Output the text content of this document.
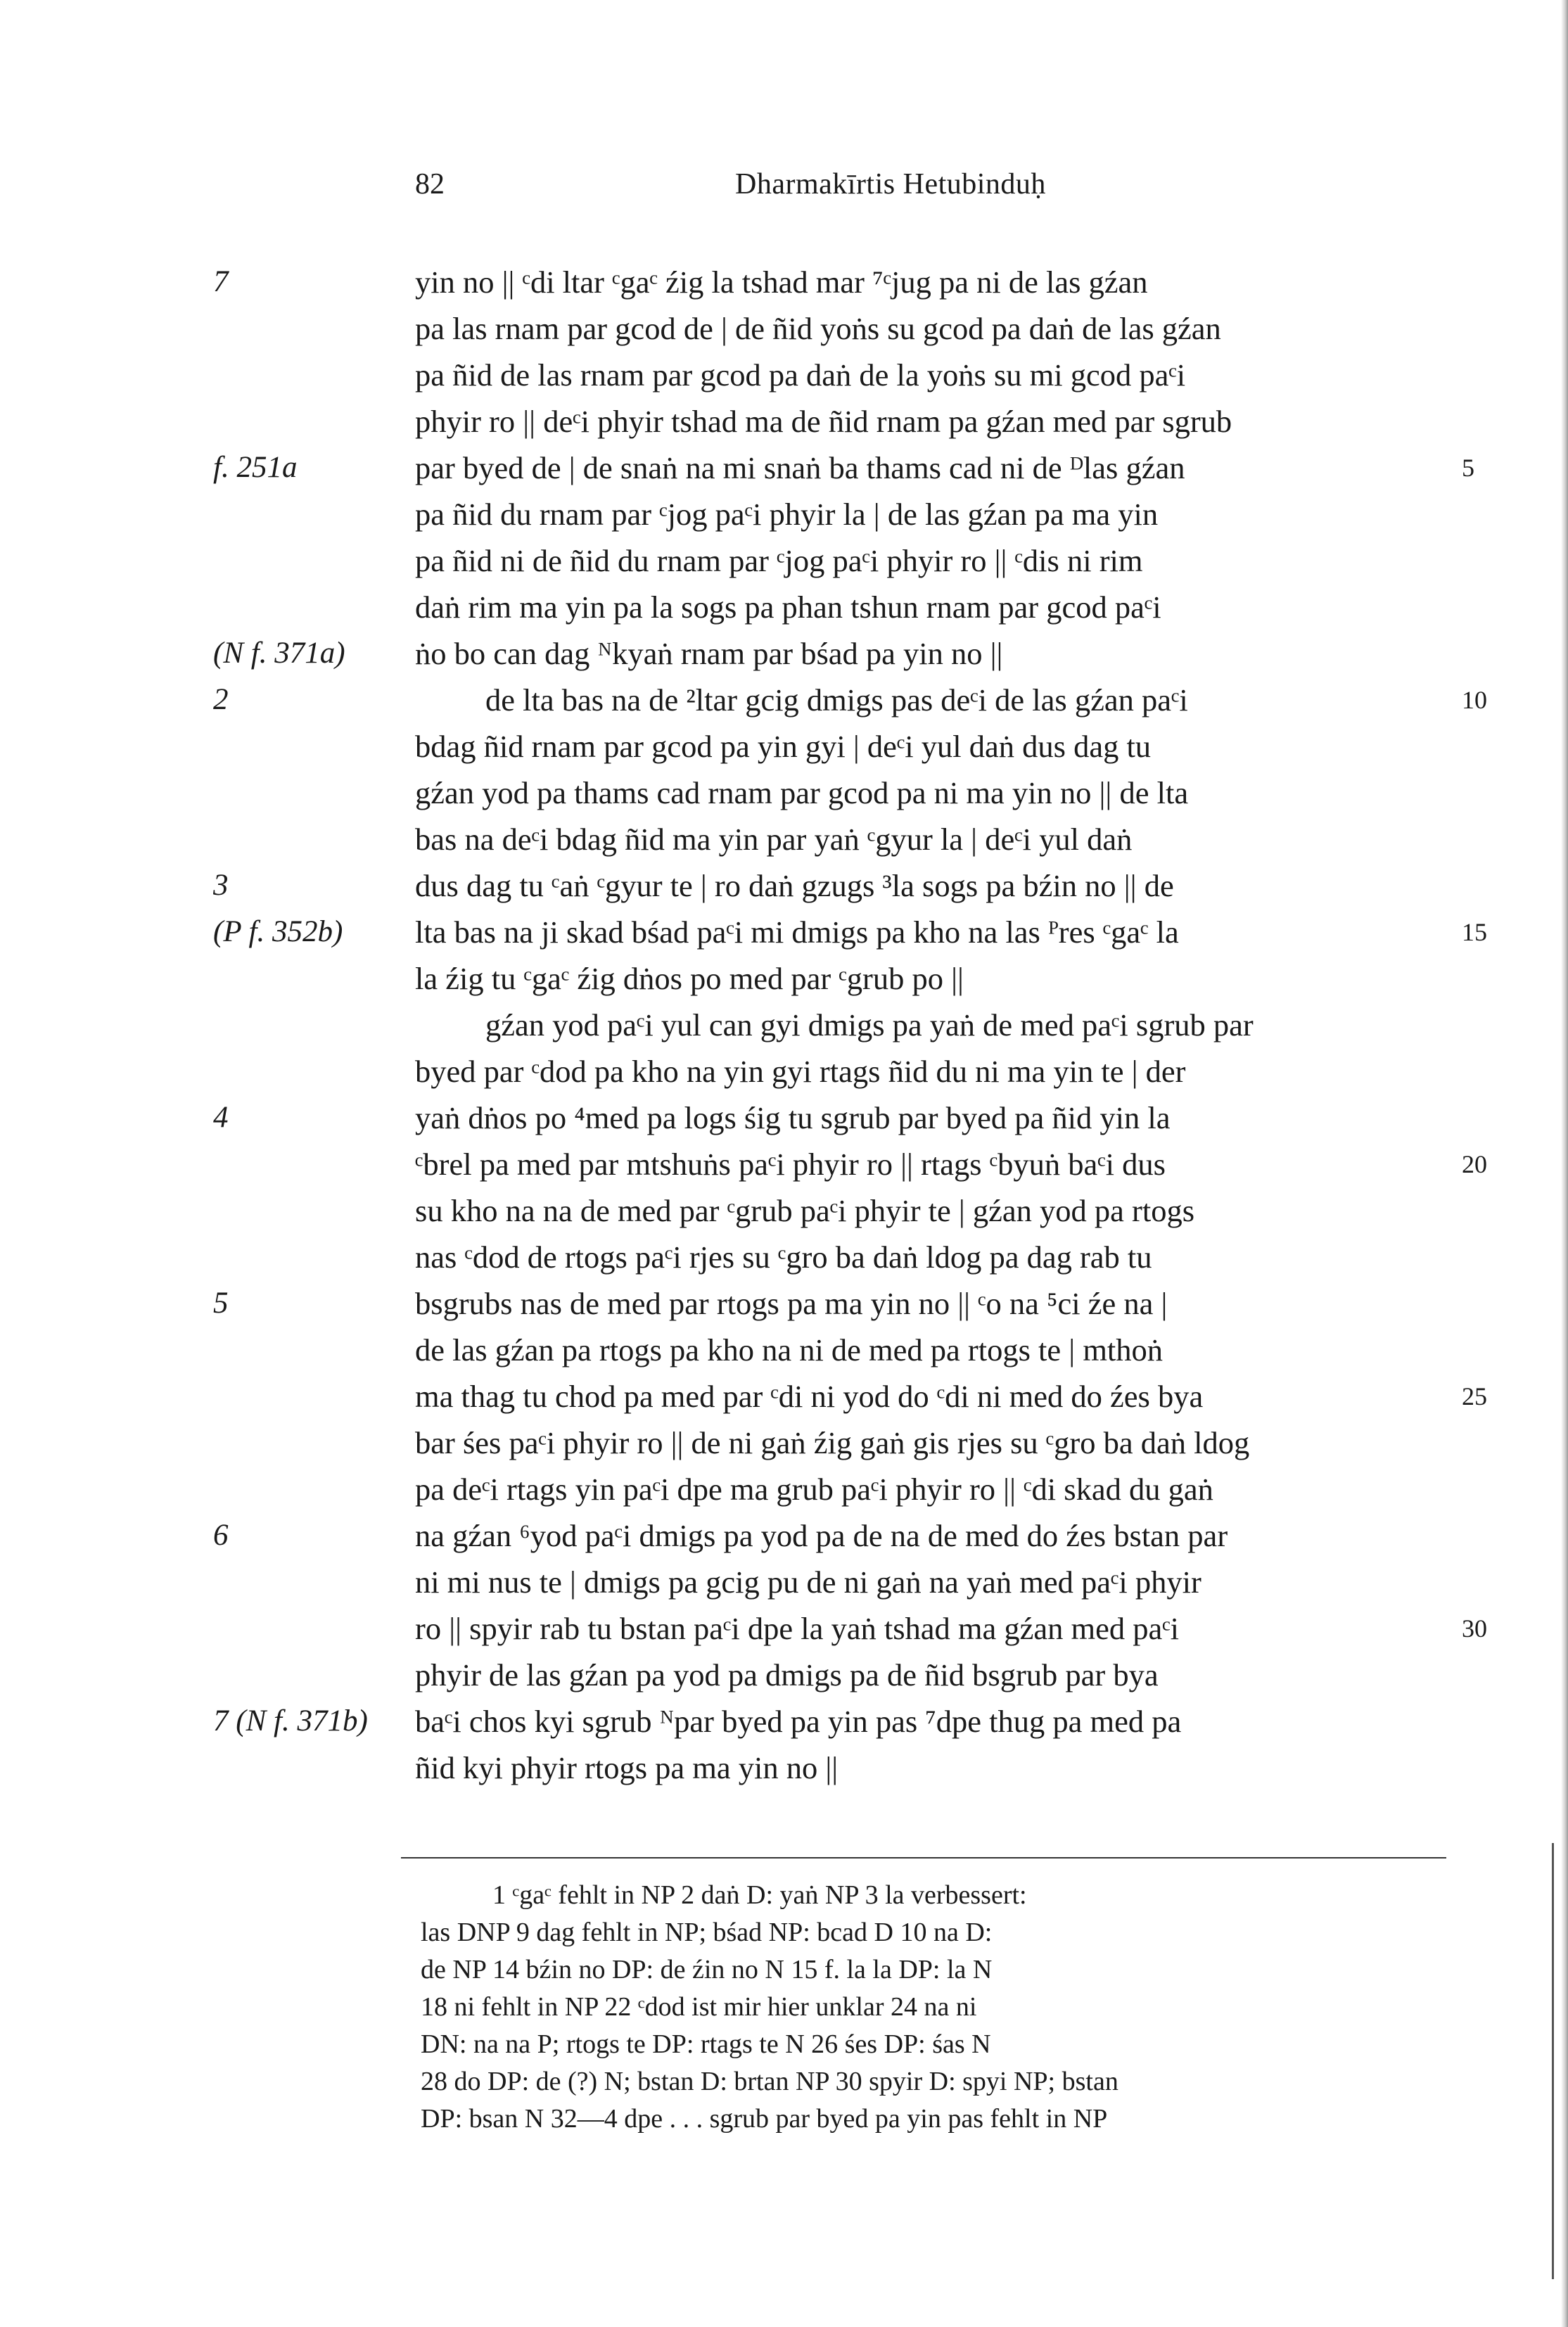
82	Dharmakīrtis Hetubinduḥ
7	yin no || ᶜdi ltar ᶜgaᶜ źig la tshad mar ⁷ᶜjug pa ni de las gźan
pa las rnam par gcod de | de ñid yoṅs su gcod pa daṅ de las gźan
pa ñid de las rnam par gcod pa daṅ de la yoṅs su mi gcod paᶜi
phyir ro || deᶜi phyir tshad ma de ñid rnam pa gźan med par sgrub
f. 251a	par byed de | de snaṅ na mi snaṅ ba thams cad ni de ᴰlas gźan	5
pa ñid du rnam par ᶜjog paᶜi phyir la | de las gźan pa ma yin
pa ñid ni de ñid du rnam par ᶜjog paᶜi phyir ro || ᶜdis ni rim
daṅ rim ma yin pa la sogs pa phan tshun rnam par gcod paᶜi
(N f. 371a) ṅo bo can dag ᴺkyaṅ rnam par bśad pa yin no ||
2	de lta bas na de ²ltar gcig dmigs pas deᶜi de las gźan paᶜi	10
bdag ñid rnam par gcod pa yin gyi | deᶜi yul daṅ dus dag tu
gźan yod pa thams cad rnam par gcod pa ni ma yin no || de lta
bas na deᶜi bdag ñid ma yin par yaṅ ᶜgyur la | deᶜi yul daṅ
3	dus dag tu ᶜaṅ ᶜgyur te | ro daṅ gzugs ³la sogs pa bźin no || de
(P f. 352b) lta bas na ji skad bśad paᶜi mi dmigs pa kho na las ᴾres ᶜgaᶜ la	15
la źig tu ᶜgaᶜ źig dṅos po med par ᶜgrub po ||
gźan yod paᶜi yul can gyi dmigs pa yaṅ de med paᶜi sgrub par
byed par ᶜdod pa kho na yin gyi rtags ñid du ni ma yin te | der
4	yaṅ dṅos po ⁴med pa logs śig tu sgrub par byed pa ñid yin la
ᶜbrel pa med par mtshuṅs paᶜi phyir ro || rtags ᶜbyuṅ baᶜi dus	20
su kho na na de med par ᶜgrub paᶜi phyir te | gźan yod pa rtogs
nas ᶜdod de rtogs paᶜi rjes su ᶜgro ba daṅ ldog pa dag rab tu
5	bsgrubs nas de med par rtogs pa ma yin no || ᶜo na ⁵ci źe na |
de las gźan pa rtogs pa kho na ni de med pa rtogs te | mthoṅ
ma thag tu chod pa med par ᶜdi ni yod do ᶜdi ni med do źes bya	25
bar śes paᶜi phyir ro || de ni gaṅ źig gaṅ gis rjes su ᶜgro ba daṅ ldog
pa deᶜi rtags yin paᶜi dpe ma grub paᶜi phyir ro || ᶜdi skad du gaṅ
6	na gźan ⁶yod paᶜi dmigs pa yod pa de na de med do źes bstan par
ni mi nus te | dmigs pa gcig pu de ni gaṅ na yaṅ med paᶜi phyir
ro || spyir rab tu bstan paᶜi dpe la yaṅ tshad ma gźan med paᶜi	30
phyir de las gźan pa yod pa dmigs pa de ñid bsgrub par bya
7 (N f. 371b) baᶜi chos kyi sgrub ᴺpar byed pa yin pas ⁷dpe thug pa med pa
ñid kyi phyir rtogs pa ma yin no ||
1 ᶜgaᶜ fehlt in NP 2 daṅ D: yaṅ NP 3 la verbessert:
las DNP 9 dag fehlt in NP; bśad NP: bcad D 10 na D:
de NP 14 bźin no DP: de źin no N 15 f. la la DP: la N
18 ni fehlt in NP 22 ᶜdod ist mir hier unklar 24 na ni
DN: na na P; rtogs te DP: rtags te N 26 śes DP: śas N
28 do DP: de (?) N; bstan D: brtan NP 30 spyir D: spyi NP; bstan
DP: bsan N 32—4 dpe . . . sgrub par byed pa yin pas fehlt in NP
